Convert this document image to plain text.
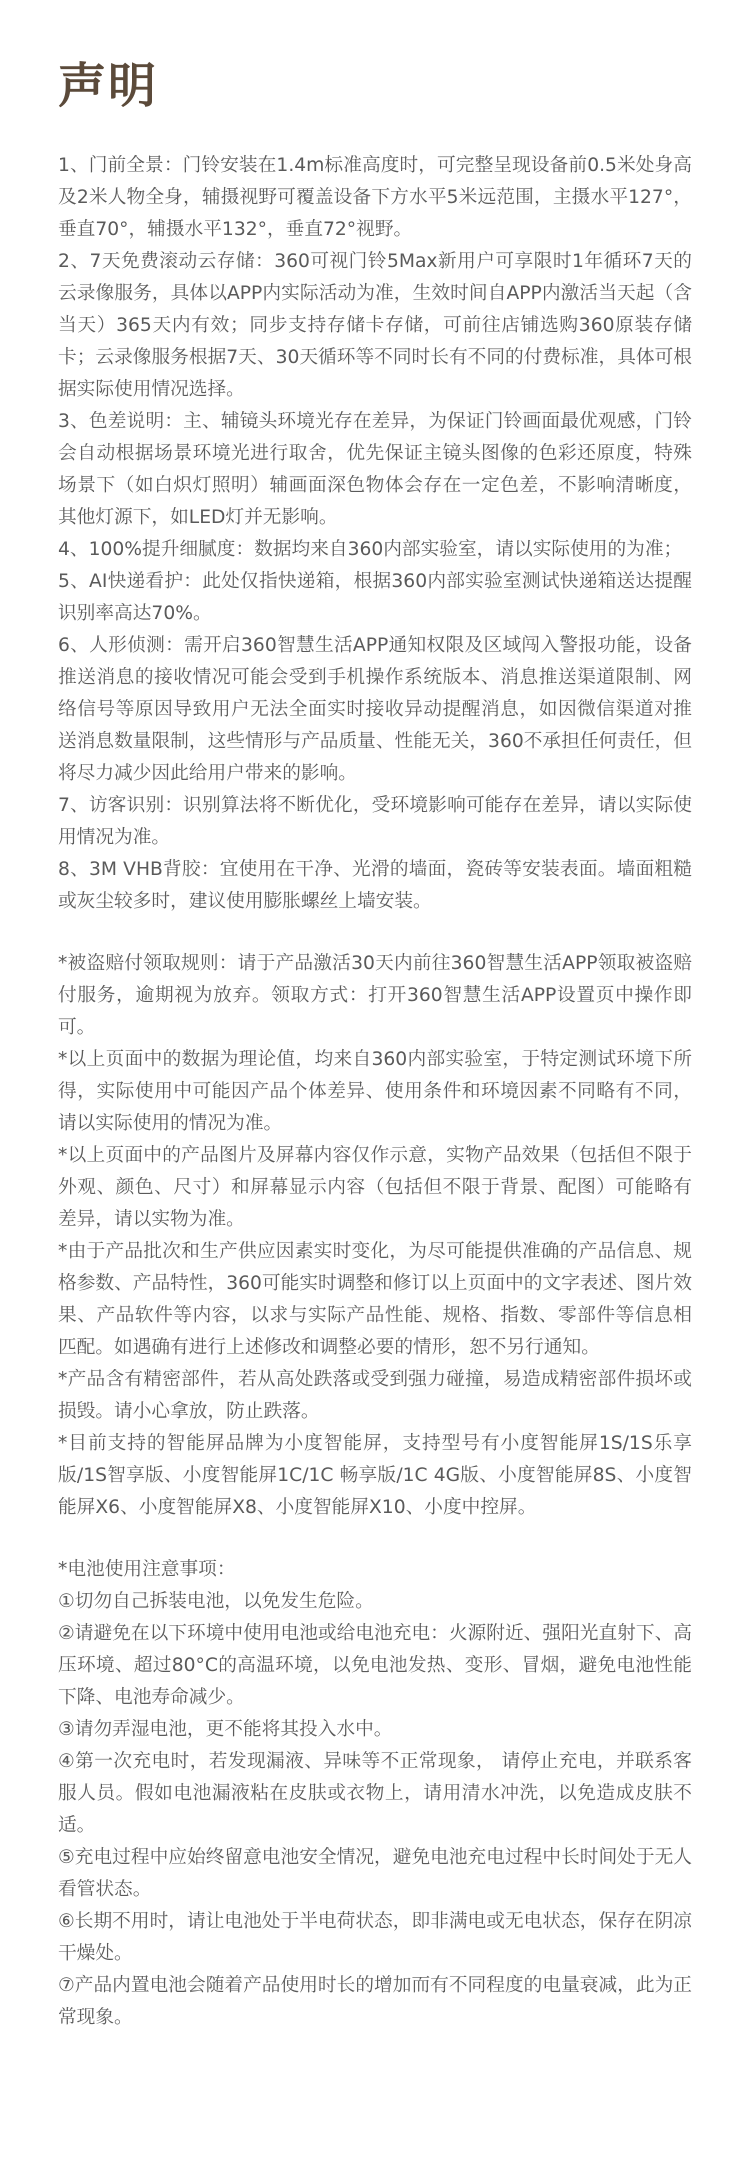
声明

1、门前全景：门铃安装在1.4m标准高度时，可完整呈现设备前0.5米处身高及2米人物全身，辅摄视野可覆盖设备下方水平5米远范围，主摄水平127°，垂直70°，辅摄水平132°，垂直72°视野。

2、7天免费滚动云存储：360可视门铃5Max新用户可享限时1年循环7天的云录像服务，具体以APP内实际活动为准，生效时间自APP内激活当天起（含当天）365天内有效；同步支持存储卡存储，可前往店铺选购360原装存储卡；云录像服务根据7天、30天循环等不同时长有不同的付费标准，具体可根据实际使用情况选择。

3、色差说明：主、辅镜头环境光存在差异，为保证门铃画面最优观感，门铃会自动根据场景环境光进行取舍，优先保证主镜头图像的色彩还原度，特殊场景下（如白炽灯照明）辅画面深色物体会存在一定色差，不影响清晰度，其他灯源下，如LED灯并无影响。

4、100%提升细腻度：数据均来自360内部实验室，请以实际使用的为准；

5、AI快递看护：此处仅指快递箱，根据360内部实验室测试快递箱送达提醒识别率高达70%。

6、人形侦测：需开启360智慧生活APP通知权限及区域闯入警报功能，设备推送消息的接收情况可能会受到手机操作系统版本、消息推送渠道限制、网络信号等原因导致用户无法全面实时接收异动提醒消息，如因微信渠道对推送消息数量限制，这些情形与产品质量、性能无关，360不承担任何责任，但将尽力减少因此给用户带来的影响。

7、访客识别：识别算法将不断优化，受环境影响可能存在差异，请以实际使用情况为准。

8、3M VHB背胶：宜使用在干净、光滑的墙面，瓷砖等安装表面。墙面粗糙或灰尘较多时，建议使用膨胀螺丝上墙安装。

*被盗赔付领取规则：请于产品激活30天内前往360智慧生活APP领取被盗赔付服务，逾期视为放弃。领取方式：打开360智慧生活APP设置页中操作即可。

*以上页面中的数据为理论值，均来自360内部实验室，于特定测试环境下所得，实际使用中可能因产品个体差异、使用条件和环境因素不同略有不同，请以实际使用的情况为准。

*以上页面中的产品图片及屏幕内容仅作示意，实物产品效果（包括但不限于外观、颜色、尺寸）和屏幕显示内容（包括但不限于背景、配图）可能略有差异，请以实物为准。

*由于产品批次和生产供应因素实时变化，为尽可能提供准确的产品信息、规格参数、产品特性，360可能实时调整和修订以上页面中的文字表述、图片效果、产品软件等内容，以求与实际产品性能、规格、指数、零部件等信息相匹配。如遇确有进行上述修改和调整必要的情形，恕不另行通知。

*产品含有精密部件，若从高处跌落或受到强力碰撞，易造成精密部件损坏或损毁。请小心拿放，防止跌落。

*目前支持的智能屏品牌为小度智能屏，支持型号有小度智能屏1S/1S乐享版/1S智享版、小度智能屏1C/1C 畅享版/1C 4G版、小度智能屏8S、小度智能屏X6、小度智能屏X8、小度智能屏X10、小度中控屏。

*电池使用注意事项：

①切勿自己拆装电池，以免发生危险。

②请避免在以下环境中使用电池或给电池充电：火源附近、强阳光直射下、高压环境、超过80°C的高温环境，以免电池发热、变形、冒烟，避免电池性能下降、电池寿命减少。

③请勿弄湿电池，更不能将其投入水中。

④第一次充电时，若发现漏液、异味等不正常现象， 请停止充电，并联系客服人员。假如电池漏液粘在皮肤或衣物上，请用清水冲洗，以免造成皮肤不适。

⑤充电过程中应始终留意电池安全情况，避免电池充电过程中长时间处于无人看管状态。

⑥长期不用时，请让电池处于半电荷状态，即非满电或无电状态，保存在阴凉干燥处。

⑦产品内置电池会随着产品使用时长的增加而有不同程度的电量衰减，此为正常现象。
